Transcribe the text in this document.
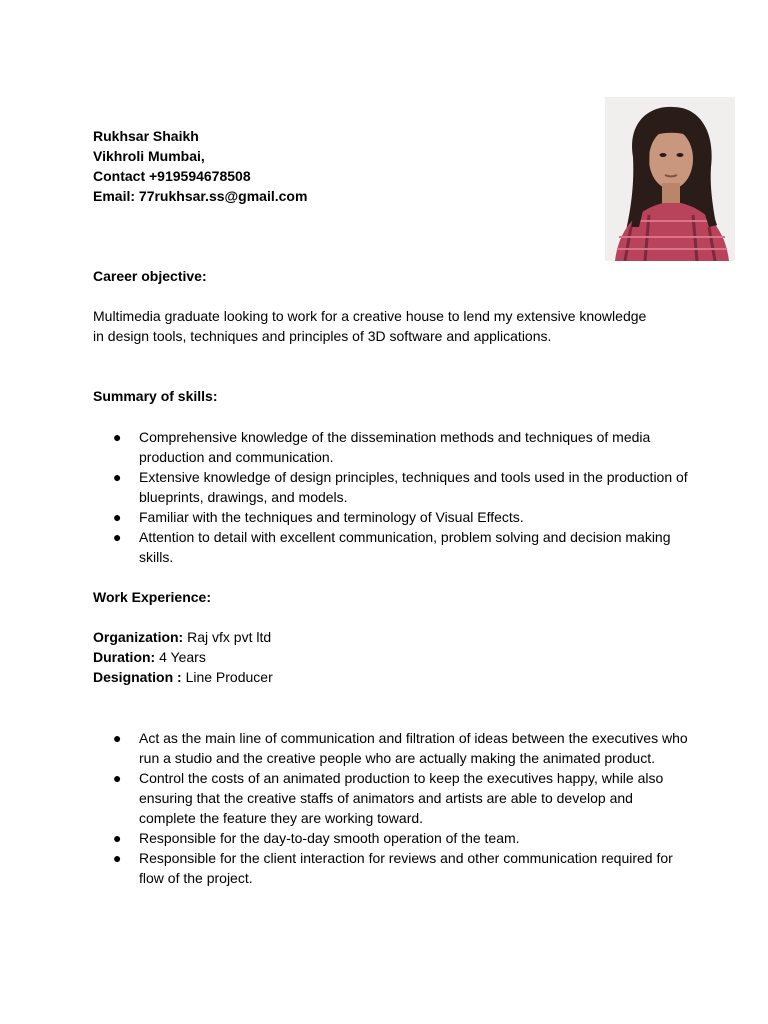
Rukhsar Shaikh
Vikhroli Mumbai,
Contact +919594678508
Email: 77rukhsar.ss@gmail.com
Career objective:
Multimedia graduate looking to work for a creative house to lend my extensive knowledge in design tools, techniques and principles of 3D software and applications.
Summary of skills:
● Comprehensive knowledge of the dissemination methods and techniques of media production and communication.
● Extensive knowledge of design principles, techniques and tools used in the production of blueprints, drawings, and models.
● Familiar with the techniques and terminology of Visual Effects.
● Attention to detail with excellent communication, problem solving and decision making skills.
Work Experience:
Organization: Raj vfx pvt ltd
Duration: 4 Years
Designation : Line Producer
● Act as the main line of communication and filtration of ideas between the executives who run a studio and the creative people who are actually making the animated product.
● Control the costs of an animated production to keep the executives happy, while also ensuring that the creative staffs of animators and artists are able to develop and complete the feature they are working toward.
● Responsible for the day-to-day smooth operation of the team.
● Responsible for the client interaction for reviews and other communication required for flow of the project.
